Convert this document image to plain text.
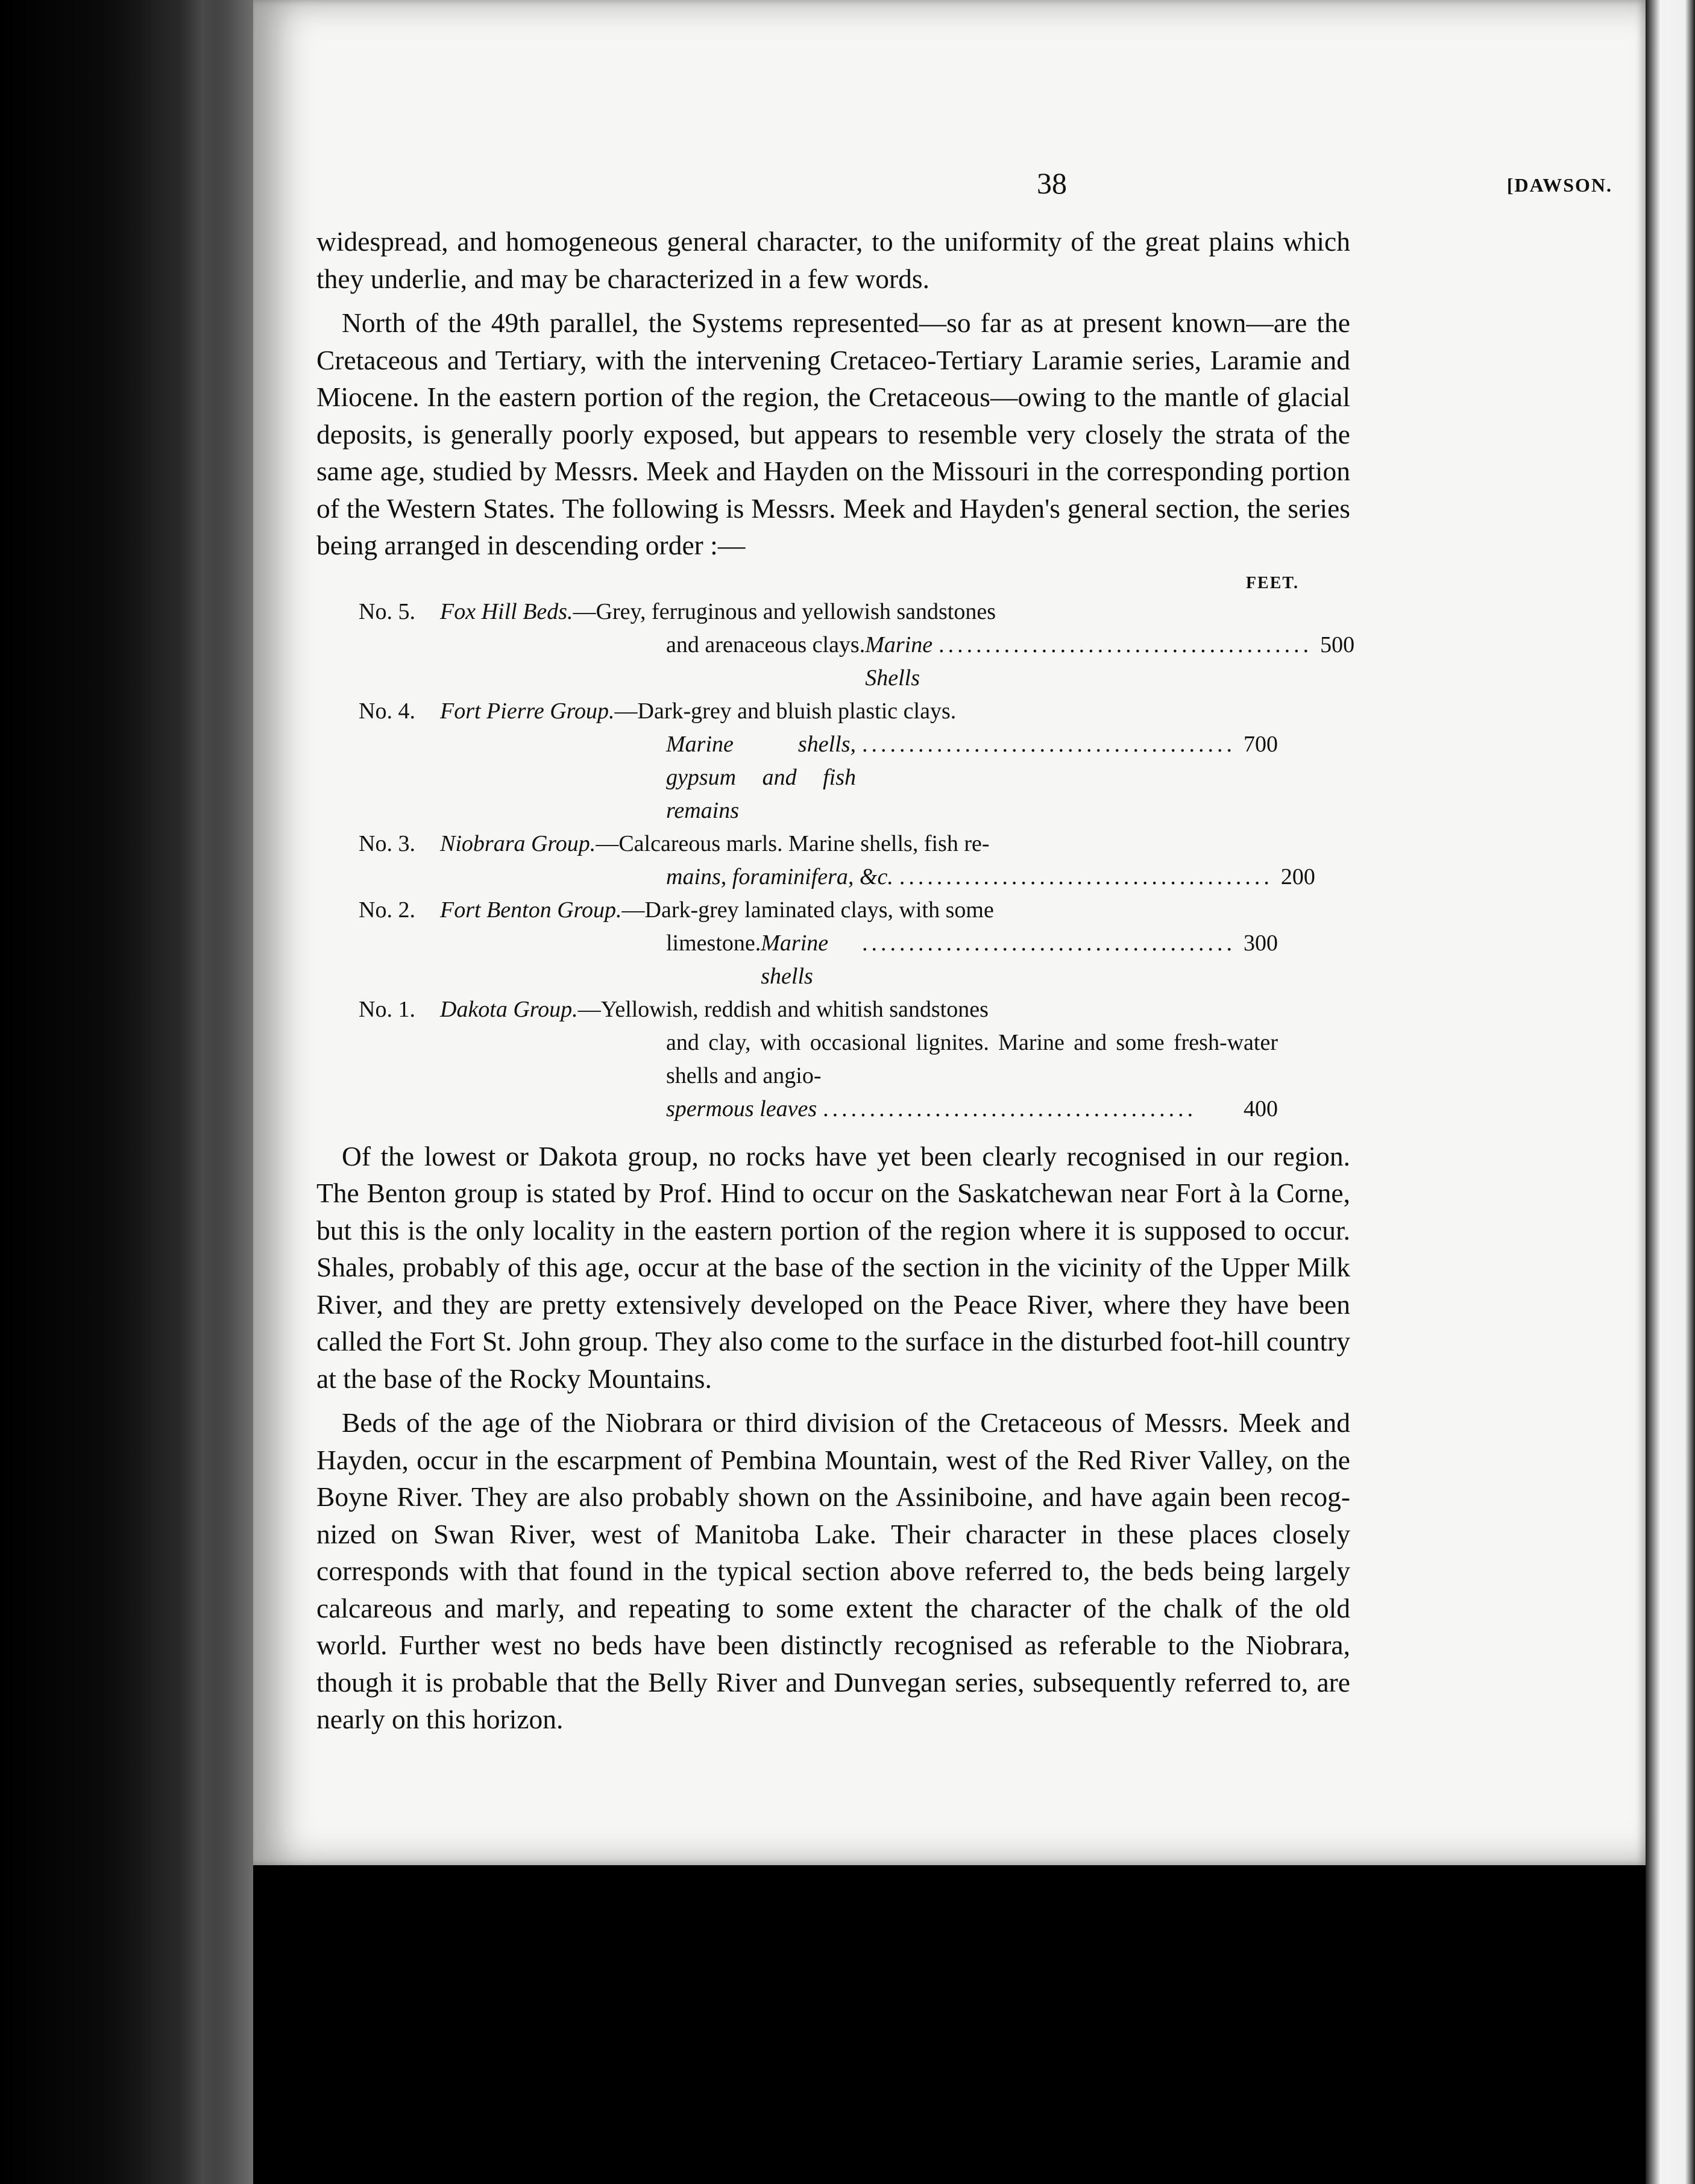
38	[DAWSON.

widespread, and homogeneous general character, to the uniformity of the great plains which they underlie, and may be characterized in a few words.

North of the 49th parallel, the Systems represented—so far as at present known—are the Cretaceous and Tertiary, with the intervening Cretaceo-Tertiary Laramie series, Laramie and Miocene. In the eastern portion of the region, the Cretaceous—owing to the mantle of glacial deposits, is generally poorly exposed, but appears to resemble very closely the strata of the same age, studied by Messrs. Meek and Hayden on the Missouri in the corresponding portion of the Western States. The following is Messrs. Meek and Hayden's general section, the series being arranged in descending order :—

FEET.
No. 5.	Fox Hill Beds.—Grey, ferruginous and yellowish sandstones
and arenaceous clays. Marine Shells
........................................ 500
No. 4.	Fort Pierre Group.—Dark-grey and bluish plastic clays.
Marine shells, gypsum and fish remains
........................................ 700
No. 3.	Niobrara Group.—Calcareous marls. Marine shells, fish re-
mains, foraminifera, &c. ........................................ 200
No. 2.	Fort Benton Group.—Dark-grey laminated clays, with some
limestone. Marine shells
........................................ 300
No. 1.	Dakota Group.—Yellowish, reddish and whitish sandstones
and clay, with occasional lignites. Marine and some fresh-water shells and angio-
spermous leaves ........................................	400

Of the lowest or Dakota group, no rocks have yet been clearly recognised in our region. The Benton group is stated by Prof. Hind to occur on the Saskatchewan near Fort à la Corne, but this is the only locality in the eastern portion of the region where it is supposed to occur. Shales, probably of this age, occur at the base of the section in the vicinity of the Upper Milk River, and they are pretty extensively developed on the Peace River, where they have been called the Fort St. John group. They also come to the surface in the disturbed foot-hill country at the base of the Rocky Mountains.

Beds of the age of the Niobrara or third division of the Cretaceous of Messrs. Meek and Hayden, occur in the escarpment of Pembina Mountain, west of the Red River Valley, on the Boyne River. They are also probably shown on the Assiniboine, and have again been recognized on Swan River, west of Manitoba Lake. Their character in these places closely corresponds with that found in the typical section above referred to, the beds being largely calcareous and marly, and repeating to some extent the character of the chalk of the old world. Further west no beds have been distinctly recognised as referable to the Niobrara, though it is probable that the Belly River and Dunvegan series, subsequently referred to, are nearly on this horizon.
